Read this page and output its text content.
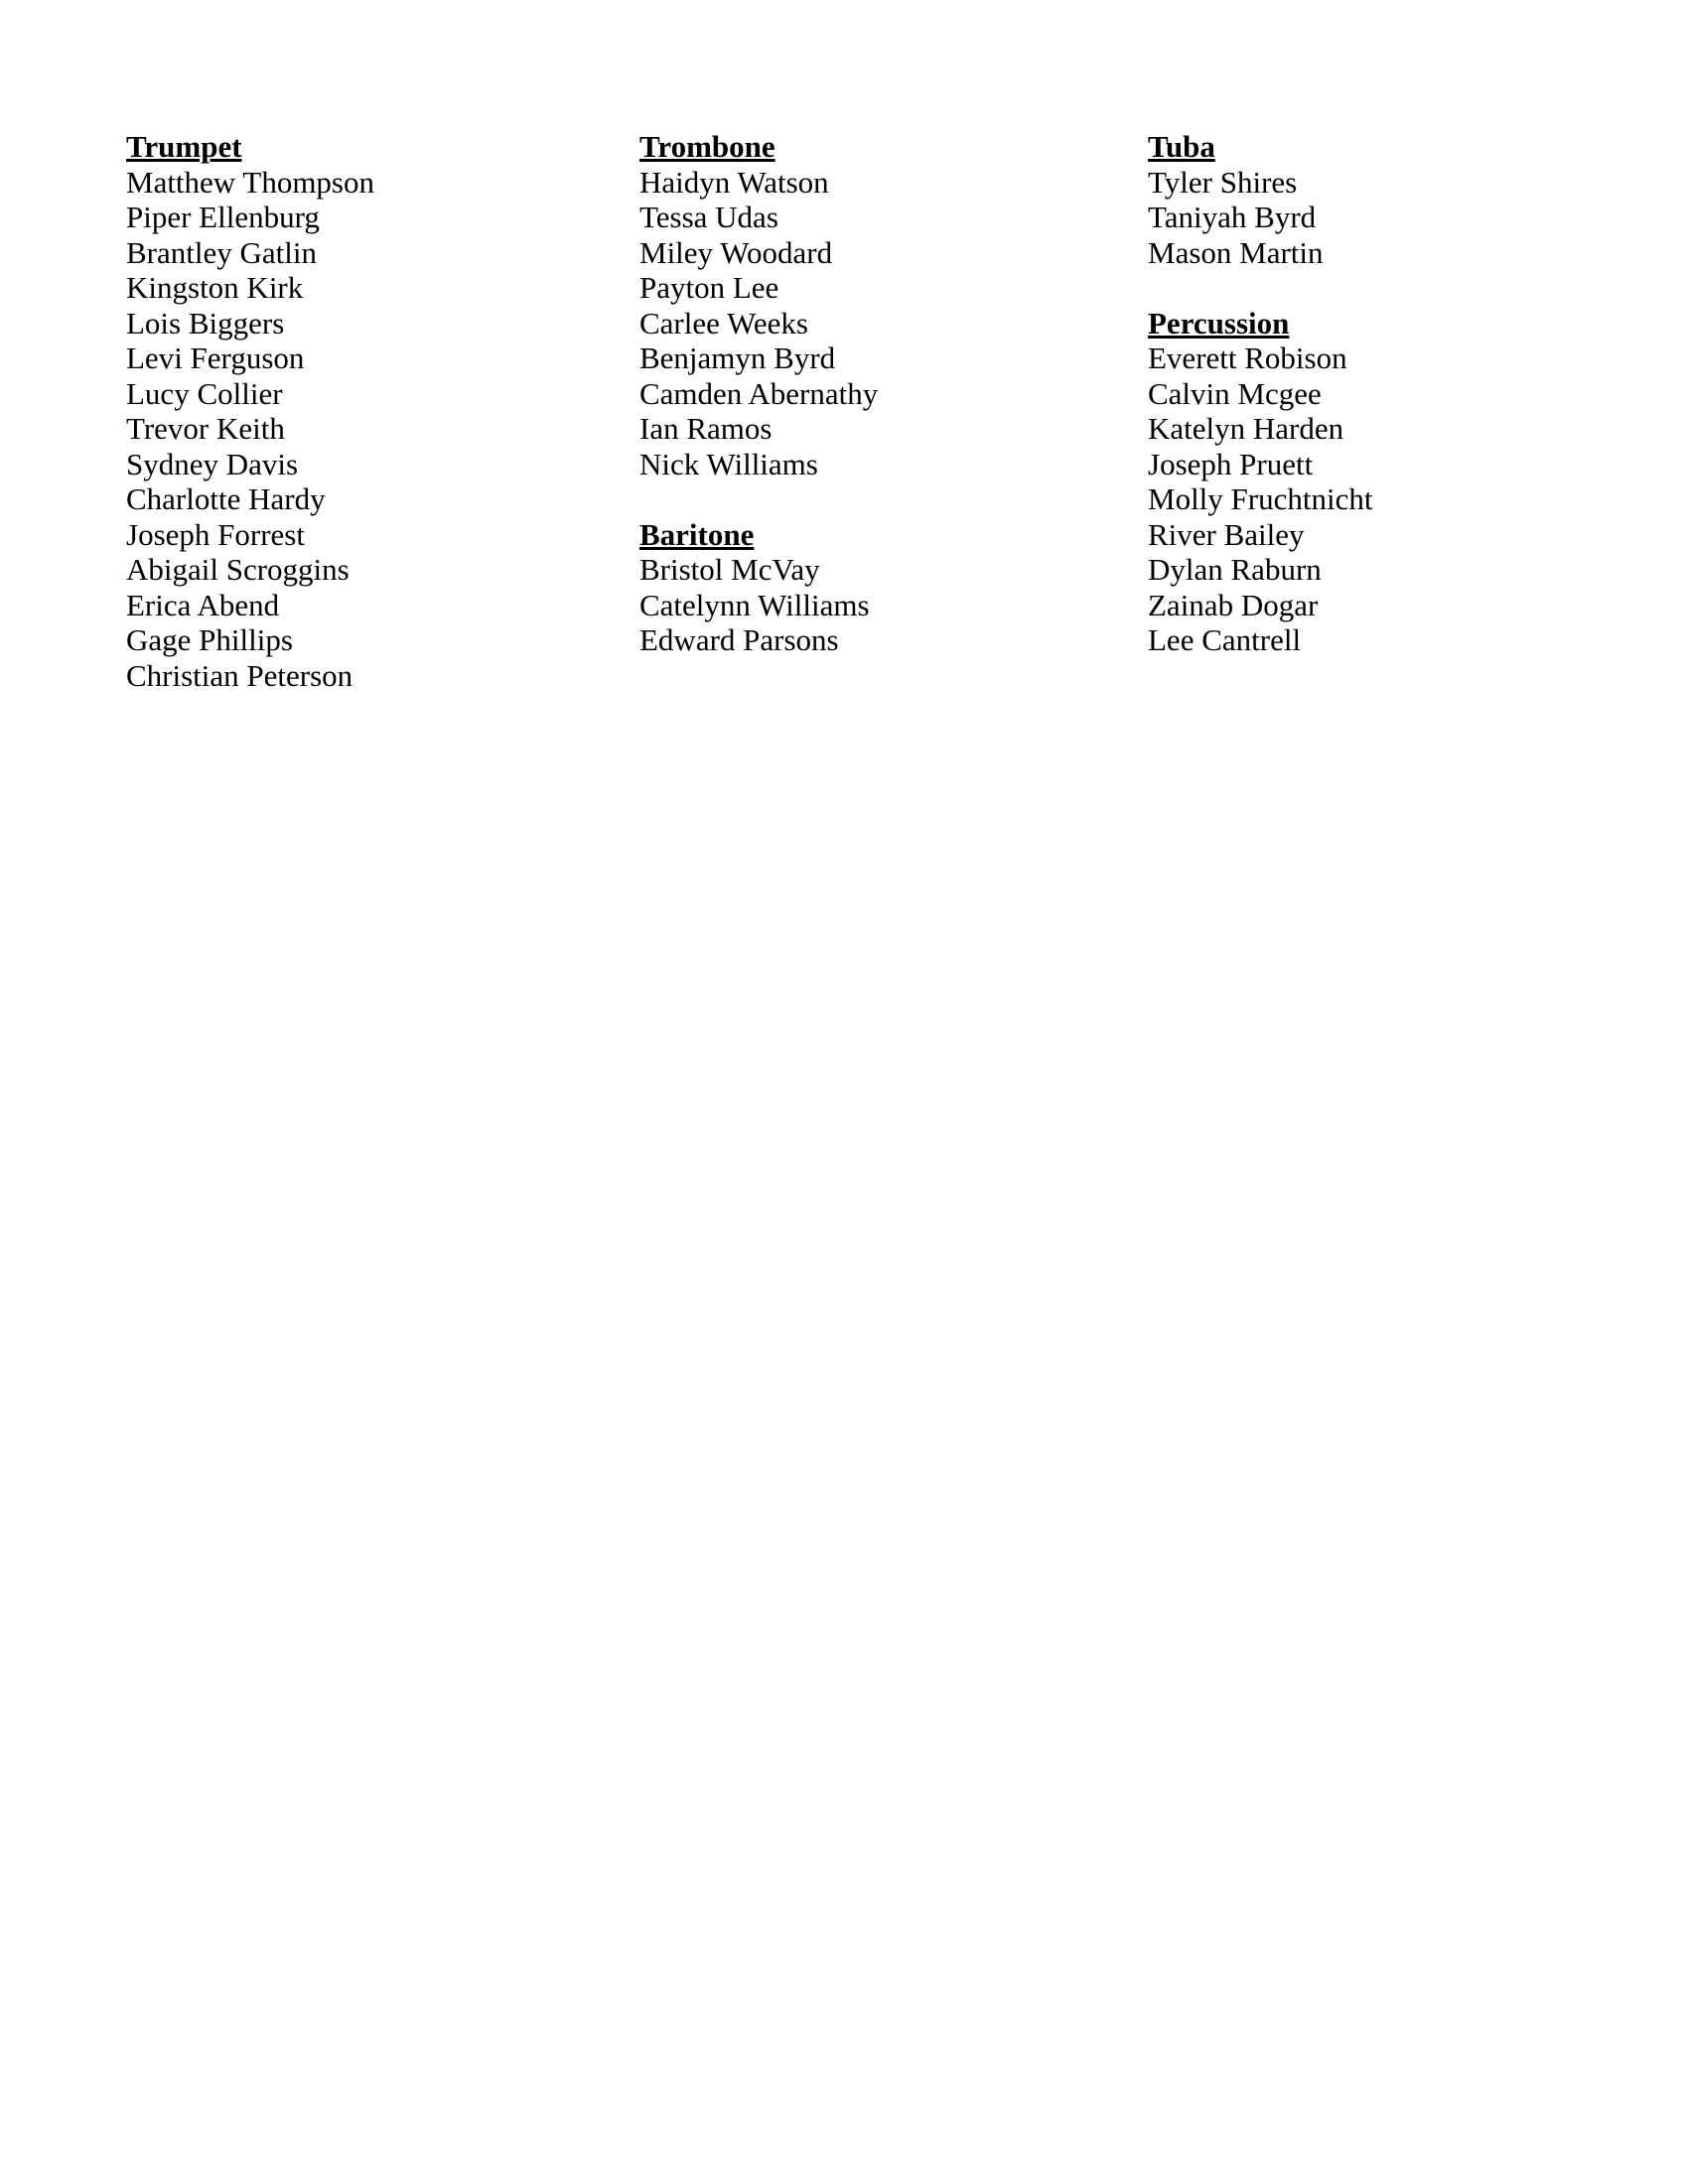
Trumpet
Matthew Thompson
Piper Ellenburg
Brantley Gatlin
Kingston Kirk
Lois Biggers
Levi Ferguson
Lucy Collier
Trevor Keith
Sydney Davis
Charlotte Hardy
Joseph Forrest
Abigail Scroggins
Erica Abend
Gage Phillips
Christian Peterson
Trombone
Haidyn Watson
Tessa Udas
Miley Woodard
Payton Lee
Carlee Weeks
Benjamyn Byrd
Camden Abernathy
Ian Ramos
Nick Williams
Baritone
Bristol McVay
Catelynn Williams
Edward Parsons
Tuba
Tyler Shires
Taniyah Byrd
Mason Martin
Percussion
Everett Robison
Calvin Mcgee
Katelyn Harden
Joseph Pruett
Molly Fruchtnicht
River Bailey
Dylan Raburn
Zainab Dogar
Lee Cantrell
